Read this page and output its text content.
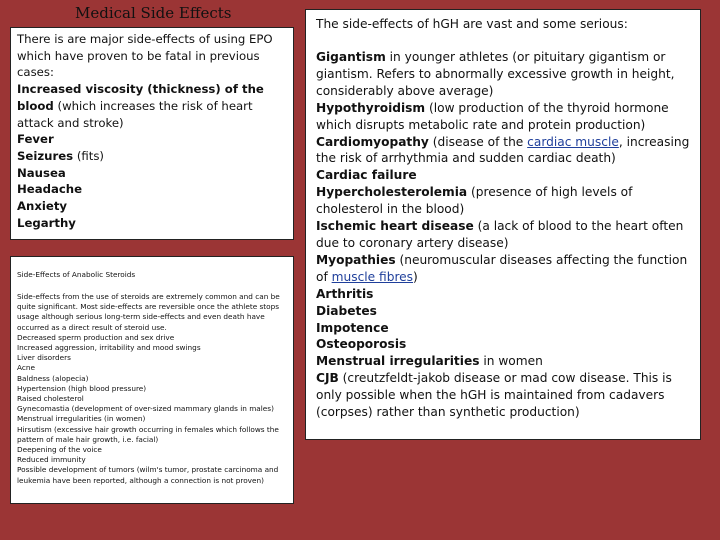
Medical Side Effects

There is are major side-effects of using EPO which have proven to be fatal in previous cases:

Increased viscosity (thickness) of the blood (which increases the risk of heart attack and stroke)

Fever

Seizures (fits)

Nausea

Headache

Anxiety

Legarthy

Side-Effects of Anabolic Steroids

Side-effects from the use of steroids are extremely common and can be quite significant. Most side-effects are reversible once the athlete stops usage although serious long-term side-effects and even death have occurred as a direct result of steroid use.

Decreased sperm production and sex drive

Increased aggression, irritability and mood swings

Liver disorders

Acne

Baldness (alopecia)

Hypertension (high blood pressure)

Raised cholesterol

Gynecomastia (development of over-sized mammary glands in males)

Menstrual irregularities (in women)

Hirsutism (excessive hair growth occurring in females which follows the pattern of male hair growth, i.e. facial)

Deepening of the voice

Reduced immunity

Possible development of tumors (wilm's tumor, prostate carcinoma and leukemia have been reported, although a connection is not proven)

The side-effects of hGH are vast and some serious:

Gigantism in younger athletes (or pituitary gigantism or giantism. Refers to abnormally excessive growth in height, considerably above average)

Hypothyroidism (low production of the thyroid hormone which disrupts metabolic rate and protein production)

Cardiomyopathy (disease of the cardiac muscle, increasing the risk of arrhythmia and sudden cardiac death)

Cardiac failure

Hypercholesterolemia (presence of high levels of cholesterol in the blood)

Ischemic heart disease (a lack of blood to the heart often due to coronary artery disease)

Myopathies (neuromuscular diseases affecting the function of muscle fibres)

Arthritis

Diabetes

Impotence

Osteoporosis

Menstrual irregularities in women

CJB (creutzfeldt-jakob disease or mad cow disease. This is only possible when the hGH is maintained from cadavers (corpses) rather than synthetic production)
